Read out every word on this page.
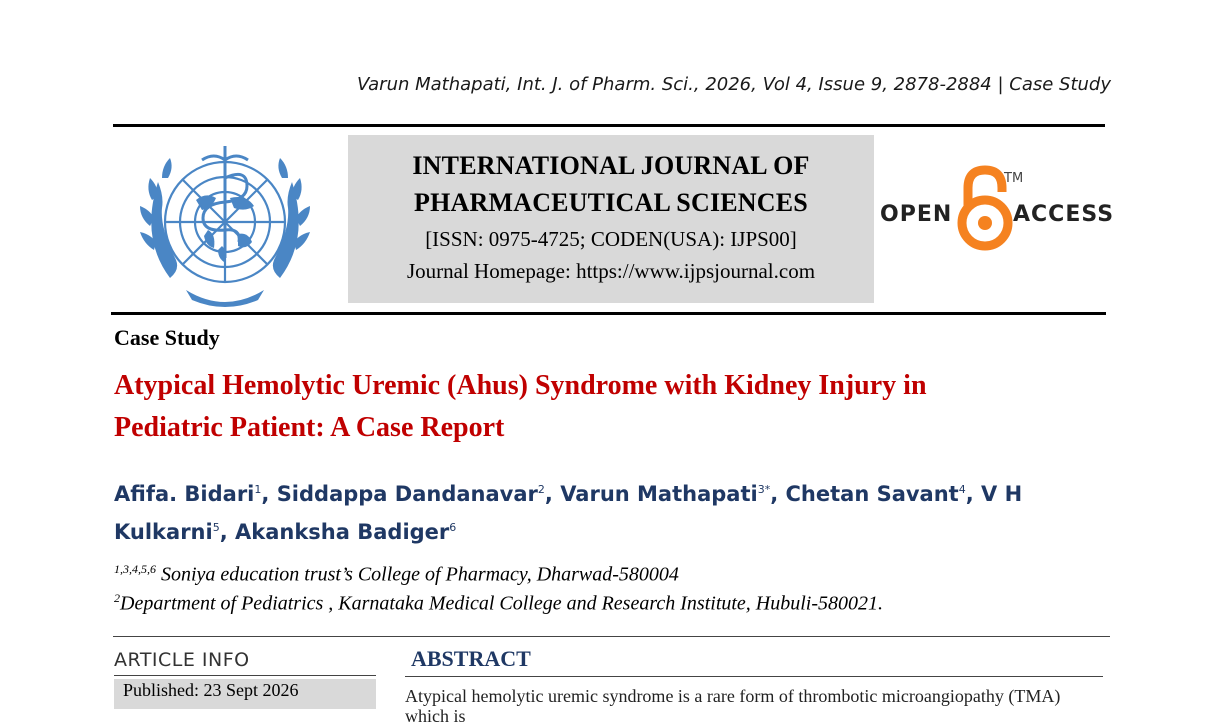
Varun Mathapati, Int. J. of Pharm. Sci., 2026, Vol 4, Issue 9, 2878-2884 | Case Study
INTERNATIONAL JOURNAL OF
PHARMACEUTICAL SCIENCES
[ISSN: 0975-4725; CODEN(USA): IJPS00]
Journal Homepage: https://www.ijpsjournal.com
OPEN
TM
ACCESS
Case Study
Atypical Hemolytic Uremic (Ahus) Syndrome with Kidney Injury in
Pediatric Patient: A Case Report
Afifa. Bidari$^1$, Siddappa Dandanavar$^2$, Varun Mathapati$^{3*}$, Chetan Savant$^4$, V H Kulkarni$^5$, Akanksha Badiger$^6$
$^{1,3,4,5,6}$ Soniya education trust’s College of Pharmacy, Dharwad-580004
$^2$Department of Pediatrics , Karnataka Medical College and Research Institute, Hubuli-580021.
ARTICLE INFO
Published: 23 Sept 2026
ABSTRACT
Atypical hemolytic uremic syndrome is a rare form of thrombotic microangiopathy (TMA) which is
